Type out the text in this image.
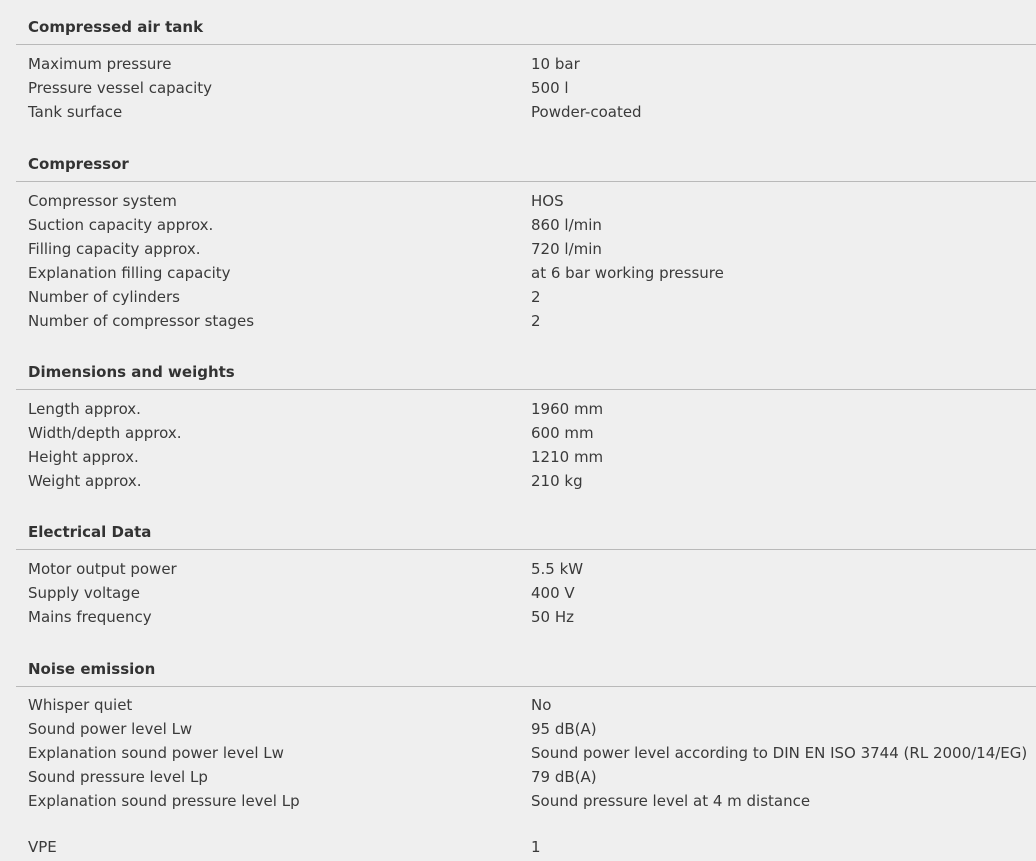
Compressed air tank
Maximum pressure	10 bar
Pressure vessel capacity	500 l
Tank surface	Powder-coated
Compressor
Compressor system	HOS
Suction capacity approx.	860 l/min
Filling capacity approx.	720 l/min
Explanation filling capacity	at 6 bar working pressure
Number of cylinders	2
Number of compressor stages	2
Dimensions and weights
Length approx.	1960 mm
Width/depth approx.	600 mm
Height approx.	1210 mm
Weight approx.	210 kg
Electrical Data
Motor output power	5.5 kW
Supply voltage	400 V
Mains frequency	50 Hz
Noise emission
Whisper quiet	No
Sound power level Lw	95 dB(A)
Explanation sound power level Lw	Sound power level according to DIN EN ISO 3744 (RL 2000/14/EG)
Sound pressure level Lp	79 dB(A)
Explanation sound pressure level Lp	Sound pressure level at 4 m distance
VPE	1
